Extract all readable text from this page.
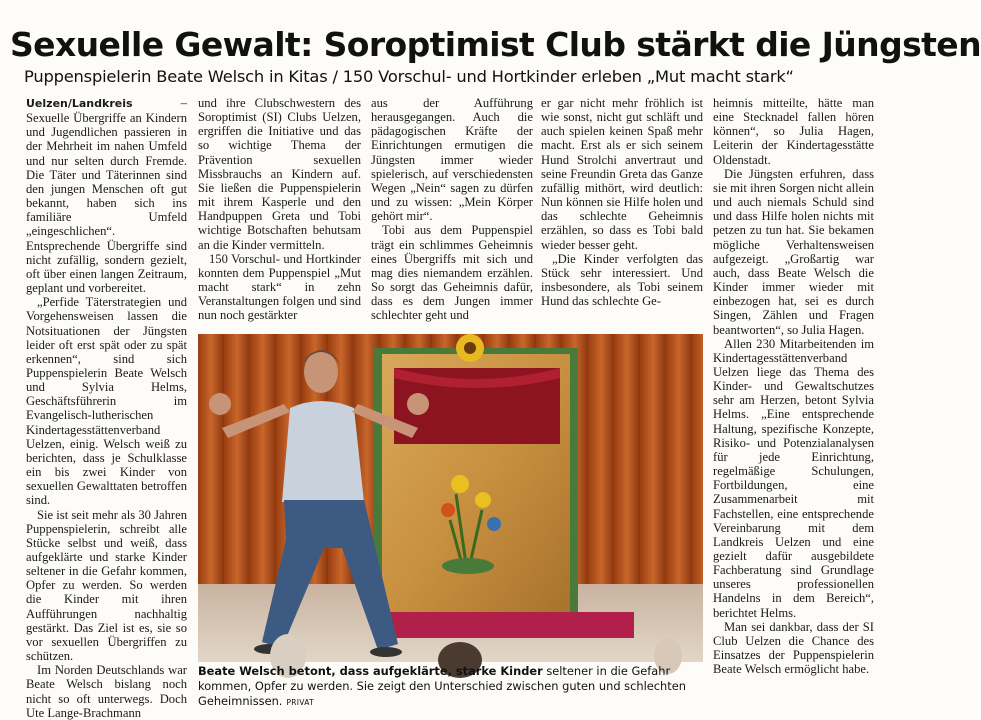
Sexuelle Gewalt: Soroptimist Club stärkt die Jüngsten
Puppenspielerin Beate Welsch in Kitas / 150 Vorschul- und Hortkinder erleben „Mut macht stark“

Uelzen/Landkreis	– Sexuelle Übergriffe an Kindern und Jugendlichen passieren in der Mehrheit im nahen Umfeld und nur selten durch Fremde. Die Täter und Täterinnen sind den jungen Menschen oft gut bekannt, haben sich ins familiäre Umfeld „eingeschlichen“. Entsprechende Übergriffe sind nicht zufällig, sondern gezielt, oft über einen langen Zeitraum, geplant und vorbereitet.

„Perfide Täterstrategien und Vorgehensweisen lassen die Notsituationen der Jüngsten leider oft erst spät oder zu spät erkennen“, sind sich Puppenspielerin Beate Welsch und Sylvia Helms, Geschäftsführerin im Evangelisch-lutherischen Kindertagesstättenverband Uelzen, einig. Welsch weiß zu berichten, dass je Schulklasse ein bis zwei Kinder von sexuellen Gewalttaten betroffen sind.

Sie ist seit mehr als 30 Jahren Puppenspielerin, schreibt alle Stücke selbst und weiß, dass aufgeklärte und starke Kinder seltener in die Gefahr kommen, Opfer zu werden. So werden die Kinder mit ihren Aufführungen nachhaltig gestärkt. Das Ziel ist es, sie so vor sexuellen Übergriffen zu schützen.

Im Norden Deutschlands war Beate Welsch bislang noch nicht so oft unterwegs. Doch Ute Lange-Brachmann

und ihre Clubschwestern des Soroptimist (SI) Clubs Uelzen, ergriffen die Initiative und das so wichtige Thema der Prävention sexuellen Missbrauchs an Kindern auf. Sie ließen die Puppenspielerin mit ihrem Kasperle und den Handpuppen Greta und Tobi wichtige Botschaften behutsam an die Kinder vermitteln.

150 Vorschul- und Hortkinder konnten dem Puppenspiel „Mut macht stark“ in zehn Veranstaltungen folgen und sind nun noch gestärkter

aus der Aufführung herausgegangen. Auch die pädagogischen Kräfte der Einrichtungen ermutigen die Jüngsten immer wieder spielerisch, auf verschiedensten Wegen „Nein“ sagen zu dürfen und zu wissen: „Mein Körper gehört mir“.

Tobi aus dem Puppenspiel trägt ein schlimmes Geheimnis eines Übergriffs mit sich und mag dies niemandem erzählen. So sorgt das Geheimnis dafür, dass es dem Jungen immer schlechter geht und

er gar nicht mehr fröhlich ist wie sonst, nicht gut schläft und auch spielen keinen Spaß mehr macht. Erst als er sich seinem Hund Strolchi anvertraut und seine Freundin Greta das Ganze zufällig mithört, wird deutlich: Nun können sie Hilfe holen und das schlechte Geheimnis erzählen, so dass es Tobi bald wieder besser geht.

„Die Kinder verfolgten das Stück sehr interessiert. Und insbesondere, als Tobi seinem Hund das schlechte Ge-

heimnis mitteilte, hätte man eine Stecknadel fallen hören können“, so Julia Hagen, Leiterin der Kindertagesstätte Oldenstadt.

Die Jüngsten erfuhren, dass sie mit ihren Sorgen nicht allein und auch niemals Schuld sind und dass Hilfe holen nichts mit petzen zu tun hat. Sie bekamen mögliche Verhaltensweisen aufgezeigt. „Großartig war auch, dass Beate Welsch die Kinder immer wieder mit einbezogen hat, sei es durch Singen, Zählen und Fragen beantworten“, so Julia Hagen.

Allen 230 Mitarbeitenden im Kindertagesstättenverband Uelzen liege das Thema des Kinder- und Gewaltschutzes sehr am Herzen, betont Sylvia Helms. „Eine entsprechende Haltung, spezifische Konzepte, Risiko- und Potenzialanalysen für jede Einrichtung, regelmäßige Schulungen, Fortbildungen, eine Zusammenarbeit mit Fachstellen, eine entsprechende Vereinbarung mit dem Landkreis Uelzen und eine gezielt dafür ausgebildete Fachberatung sind Grundlage unseres professionellen Handelns in dem Bereich“, berichtet Helms.

Man sei dankbar, dass der SI Club Uelzen die Chance des Einsatzes der Puppenspielerin Beate Welsch ermöglicht habe.

Beate Welsch betont, dass aufgeklärte, starke Kinder seltener in die Gefahr kommen, Opfer zu werden. Sie zeigt den Unterschied zwischen guten und schlechten Geheimnissen. PRIVAT
